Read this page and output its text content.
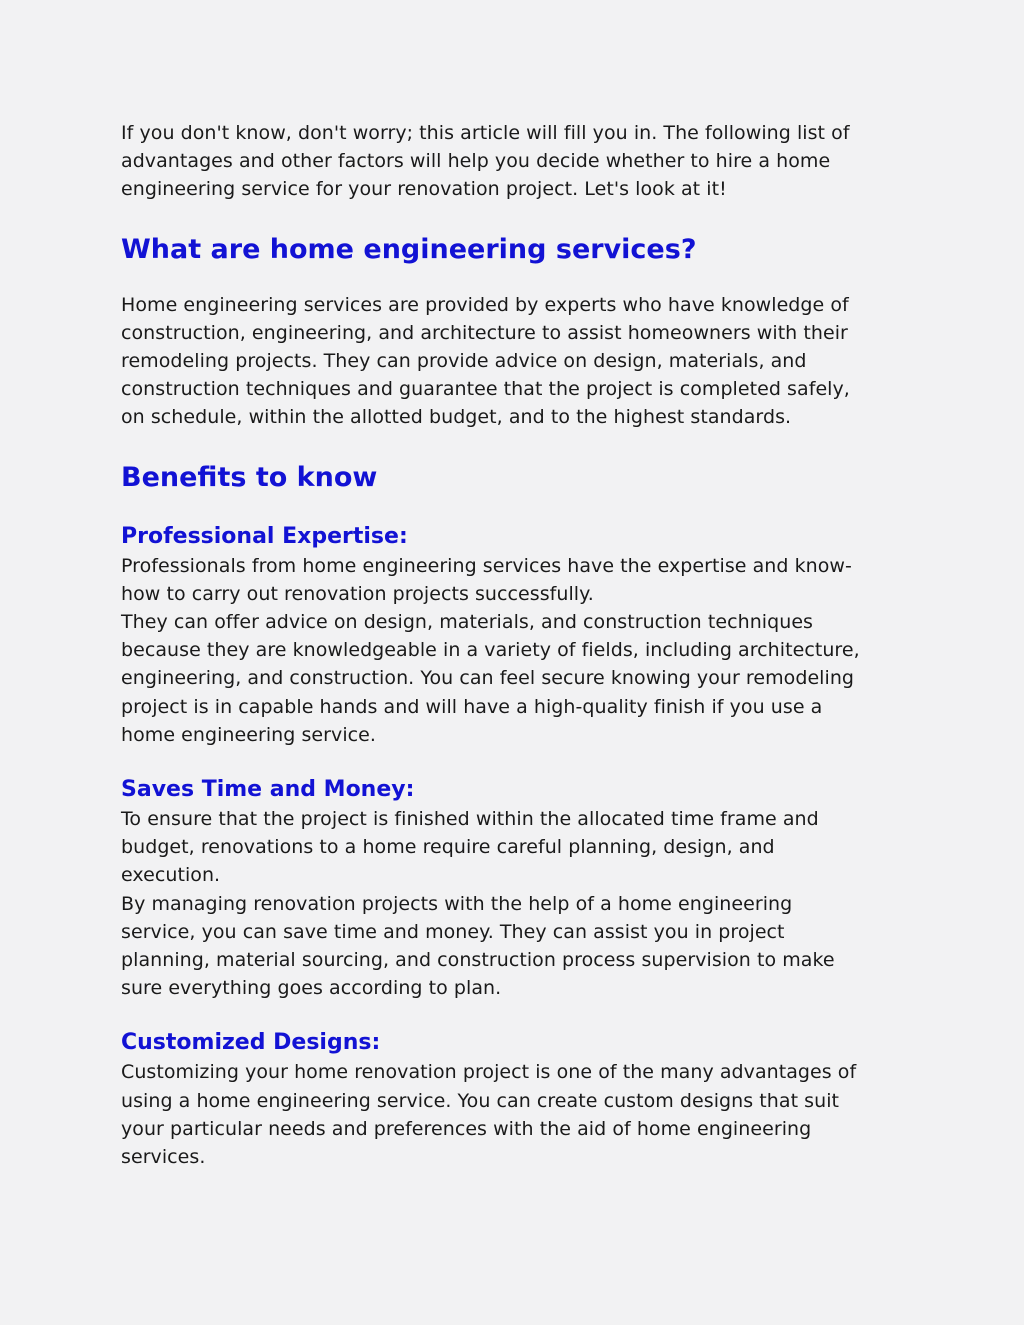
If you don't know, don't worry; this article will fill you in. The following list of
advantages and other factors will help you decide whether to hire a home
engineering service for your renovation project. Let's look at it!

What are home engineering services?

Home engineering services are provided by experts who have knowledge of
construction, engineering, and architecture to assist homeowners with their
remodeling projects. They can provide advice on design, materials, and
construction techniques and guarantee that the project is completed safely,
on schedule, within the allotted budget, and to the highest standards.

Benefits to know
Professional Expertise:

Professionals from home engineering services have the expertise and know-
how to carry out renovation projects successfully.
They can offer advice on design, materials, and construction techniques
because they are knowledgeable in a variety of fields, including architecture,
engineering, and construction. You can feel secure knowing your remodeling
project is in capable hands and will have a high-quality finish if you use a
home engineering service.

Saves Time and Money:

To ensure that the project is finished within the allocated time frame and
budget, renovations to a home require careful planning, design, and
execution.
By managing renovation projects with the help of a home engineering
service, you can save time and money. They can assist you in project
planning, material sourcing, and construction process supervision to make
sure everything goes according to plan.

Customized Designs:

Customizing your home renovation project is one of the many advantages of
using a home engineering service. You can create custom designs that suit
your particular needs and preferences with the aid of home engineering
services.
